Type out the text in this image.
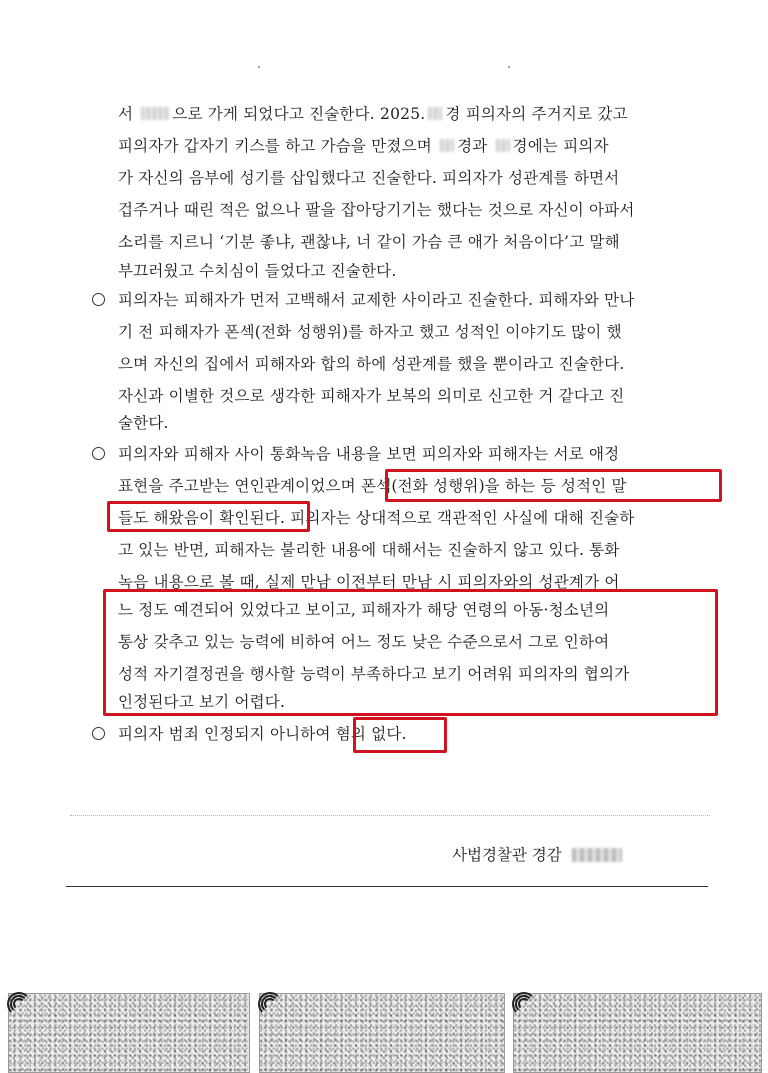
서 으로 가게 되었다고 진술한다. 2025. 경 피의자의 주거지로 갔고
피의자가 갑자기 키스를 하고 가슴을 만졌으며 경과 경에는 피의자
가 자신의 음부에 성기를 삽입했다고 진술한다. 피의자가 성관계를 하면서
겁주거나 때린 적은 없으나 팔을 잡아당기기는 했다는 것으로 자신이 아파서
소리를 지르니 ‘기분 좋냐, 괜찮냐, 너 같이 가슴 큰 애가 처음이다’고 말해
부끄러웠고 수치심이 들었다고 진술한다.
피의자는 피해자가 먼저 고백해서 교제한 사이라고 진술한다. 피해자와 만나
기 전 피해자가 폰섹(전화 성행위)를 하자고 했고 성적인 이야기도 많이 했
으며 자신의 집에서 피해자와 합의 하에 성관계를 했을 뿐이라고 진술한다.
자신과 이별한 것으로 생각한 피해자가 보복의 의미로 신고한 거 같다고 진
술한다.
피의자와 피해자 사이 통화녹음 내용을 보면 피의자와 피해자는 서로 애정
표현을 주고받는 연인관계이었으며 폰섹(전화 성행위)을 하는 등 성적인 말
들도 해왔음이 확인된다. 피의자는 상대적으로 객관적인 사실에 대해 진술하
고 있는 반면, 피해자는 불리한 내용에 대해서는 진술하지 않고 있다. 통화
녹음 내용으로 볼 때, 실제 만남 이전부터 만남 시 피의자와의 성관계가 어
느 정도 예견되어 있었다고 보이고, 피해자가 해당 연령의 아동·청소년의
통상 갖추고 있는 능력에 비하여 어느 정도 낮은 수준으로서 그로 인하여
성적 자기결정권을 행사할 능력이 부족하다고 보기 어려워 피의자의 협의가
인정된다고 보기 어렵다.
피의자 범죄 인정되지 아니하여 혐의 없다.
사법경찰관 경감
